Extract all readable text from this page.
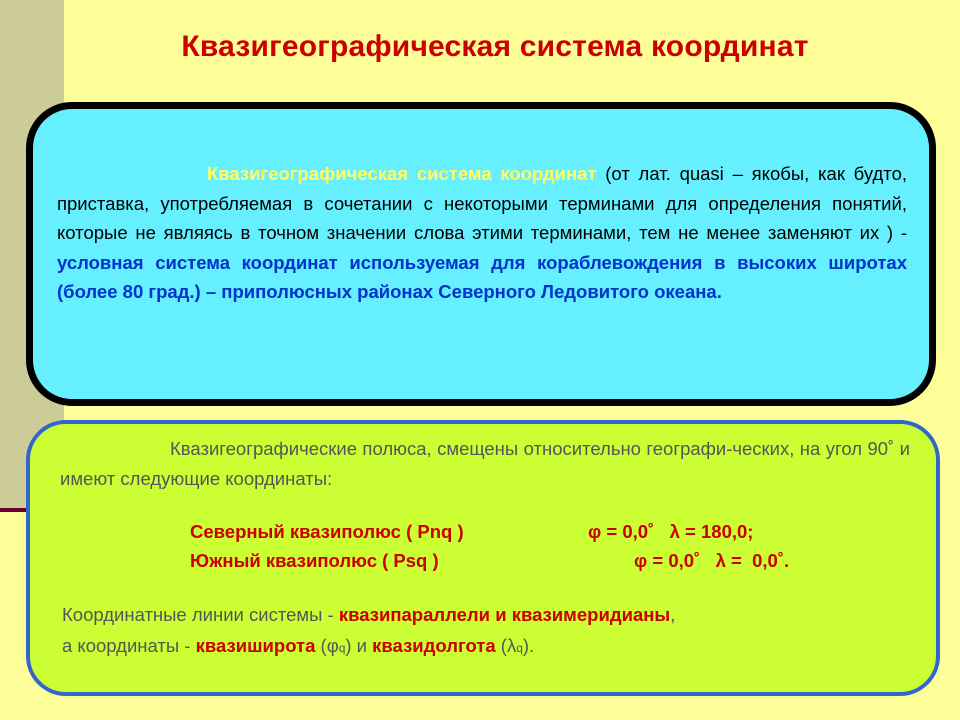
Квазигеографическая система координат
Квазигеографическая система координат (от лат. quasi – якобы, как будто, приставка, употребляемая в сочетании с некоторыми терминами для определения понятий, которые не являясь в точном значении слова этими терминами, тем не менее заменяют их ) - условная система координат используемая для кораблевождения в высоких широтах (более 80 град.) – приполюсных районах Северного Ледовитого океана.
Квазигеографические полюса, смещены относительно географи-ческих, на угол 90˚ и имеют следующие координаты:
Северный квазиполюс ( Pnq )	φ = 0,0˚   λ = 180,0;
Южный квазиполюс ( Psq )	φ = 0,0˚   λ =  0,0˚.
Координатные линии системы - квазипараллели и квазимеридианы,
а координаты - квазиширота (φq) и квазидолгота (λq).
